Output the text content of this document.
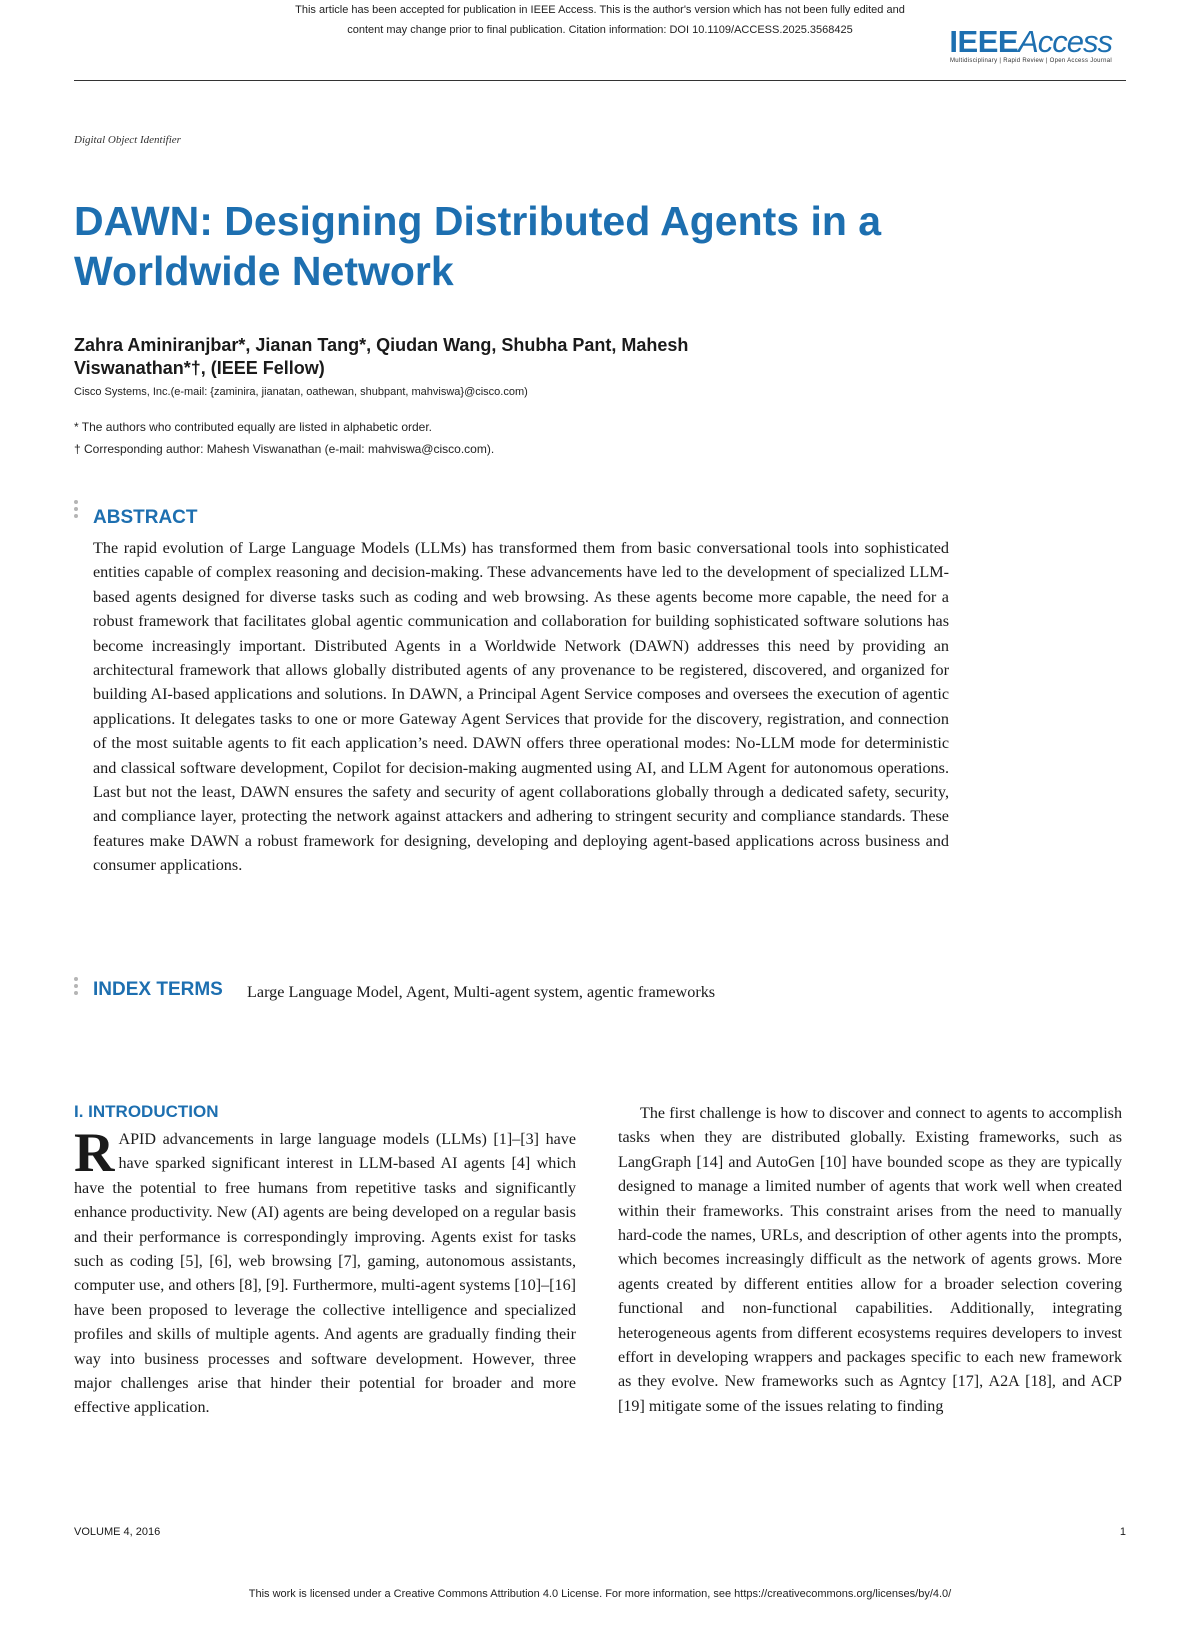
This article has been accepted for publication in IEEE Access. This is the author's version which has not been fully edited and
content may change prior to final publication. Citation information: DOI 10.1109/ACCESS.2025.3568425	IEEEAccess
Multidisciplinary | Rapid Review | Open Access Journal
Digital Object Identifier
DAWN: Designing Distributed Agents in a Worldwide Network
Zahra Aminiranjbar*, Jianan Tang*, Qiudan Wang, Shubha Pant, Mahesh
Viswanathan*†, (IEEE Fellow)
Cisco Systems, Inc.(e-mail: {zaminira, jianatan, oathewan, shubpant, mahviswa}@cisco.com)
* The authors who contributed equally are listed in alphabetic order.
† Corresponding author: Mahesh Viswanathan (e-mail: mahviswa@cisco.com).
ABSTRACT
The rapid evolution of Large Language Models (LLMs) has transformed them from basic conversational tools into sophisticated entities capable of complex reasoning and decision-making. These advancements have led to the development of specialized LLM-based agents designed for diverse tasks such as coding and web browsing. As these agents become more capable, the need for a robust framework that facilitates global agentic communication and collaboration for building sophisticated software solutions has become increasingly important. Distributed Agents in a Worldwide Network (DAWN) addresses this need by providing an architectural framework that allows globally distributed agents of any provenance to be registered, discovered, and organized for building AI-based applications and solutions. In DAWN, a Principal Agent Service composes and oversees the execution of agentic applications. It delegates tasks to one or more Gateway Agent Services that provide for the discovery, registration, and connection of the most suitable agents to fit each application’s need. DAWN offers three operational modes: No-LLM mode for deterministic and classical software development, Copilot for decision-making augmented using AI, and LLM Agent for autonomous operations. Last but not the least, DAWN ensures the safety and security of agent collaborations globally through a dedicated safety, security, and compliance layer, protecting the network against attackers and adhering to stringent security and compliance standards. These features make DAWN a robust framework for designing, developing and deploying agent-based applications across business and consumer applications.
INDEX TERMS Large Language Model, Agent, Multi-agent system, agentic frameworks
I. INTRODUCTION
RAPID advancements in large language models (LLMs) [1]–[3] have have sparked significant interest in LLM-based AI agents [4] which have the potential to free humans from repetitive tasks and significantly enhance productivity. New (AI) agents are being developed on a regular basis and their performance is correspondingly improving. Agents exist for tasks such as coding [5], [6], web browsing [7], gaming, autonomous assistants, computer use, and others [8], [9]. Furthermore, multi-agent systems [10]–[16] have been proposed to leverage the collective intelligence and specialized profiles and skills of multiple agents. And agents are gradually finding their way into business processes and software development. However, three major challenges arise that hinder their potential for broader and more effective application.
The first challenge is how to discover and connect to agents to accomplish tasks when they are distributed globally. Existing frameworks, such as LangGraph [14] and AutoGen [10] have bounded scope as they are typically designed to manage a limited number of agents that work well when created within their frameworks. This constraint arises from the need to manually hard-code the names, URLs, and description of other agents into the prompts, which becomes increasingly difficult as the network of agents grows. More agents created by different entities allow for a broader selection covering functional and non-functional capabilities. Additionally, integrating heterogeneous agents from different ecosystems requires developers to invest effort in developing wrappers and packages specific to each new framework as they evolve. New frameworks such as Agntcy [17], A2A [18], and ACP [19] mitigate some of the issues relating to finding
VOLUME 4, 2016	1
This work is licensed under a Creative Commons Attribution 4.0 License. For more information, see https://creativecommons.org/licenses/by/4.0/
